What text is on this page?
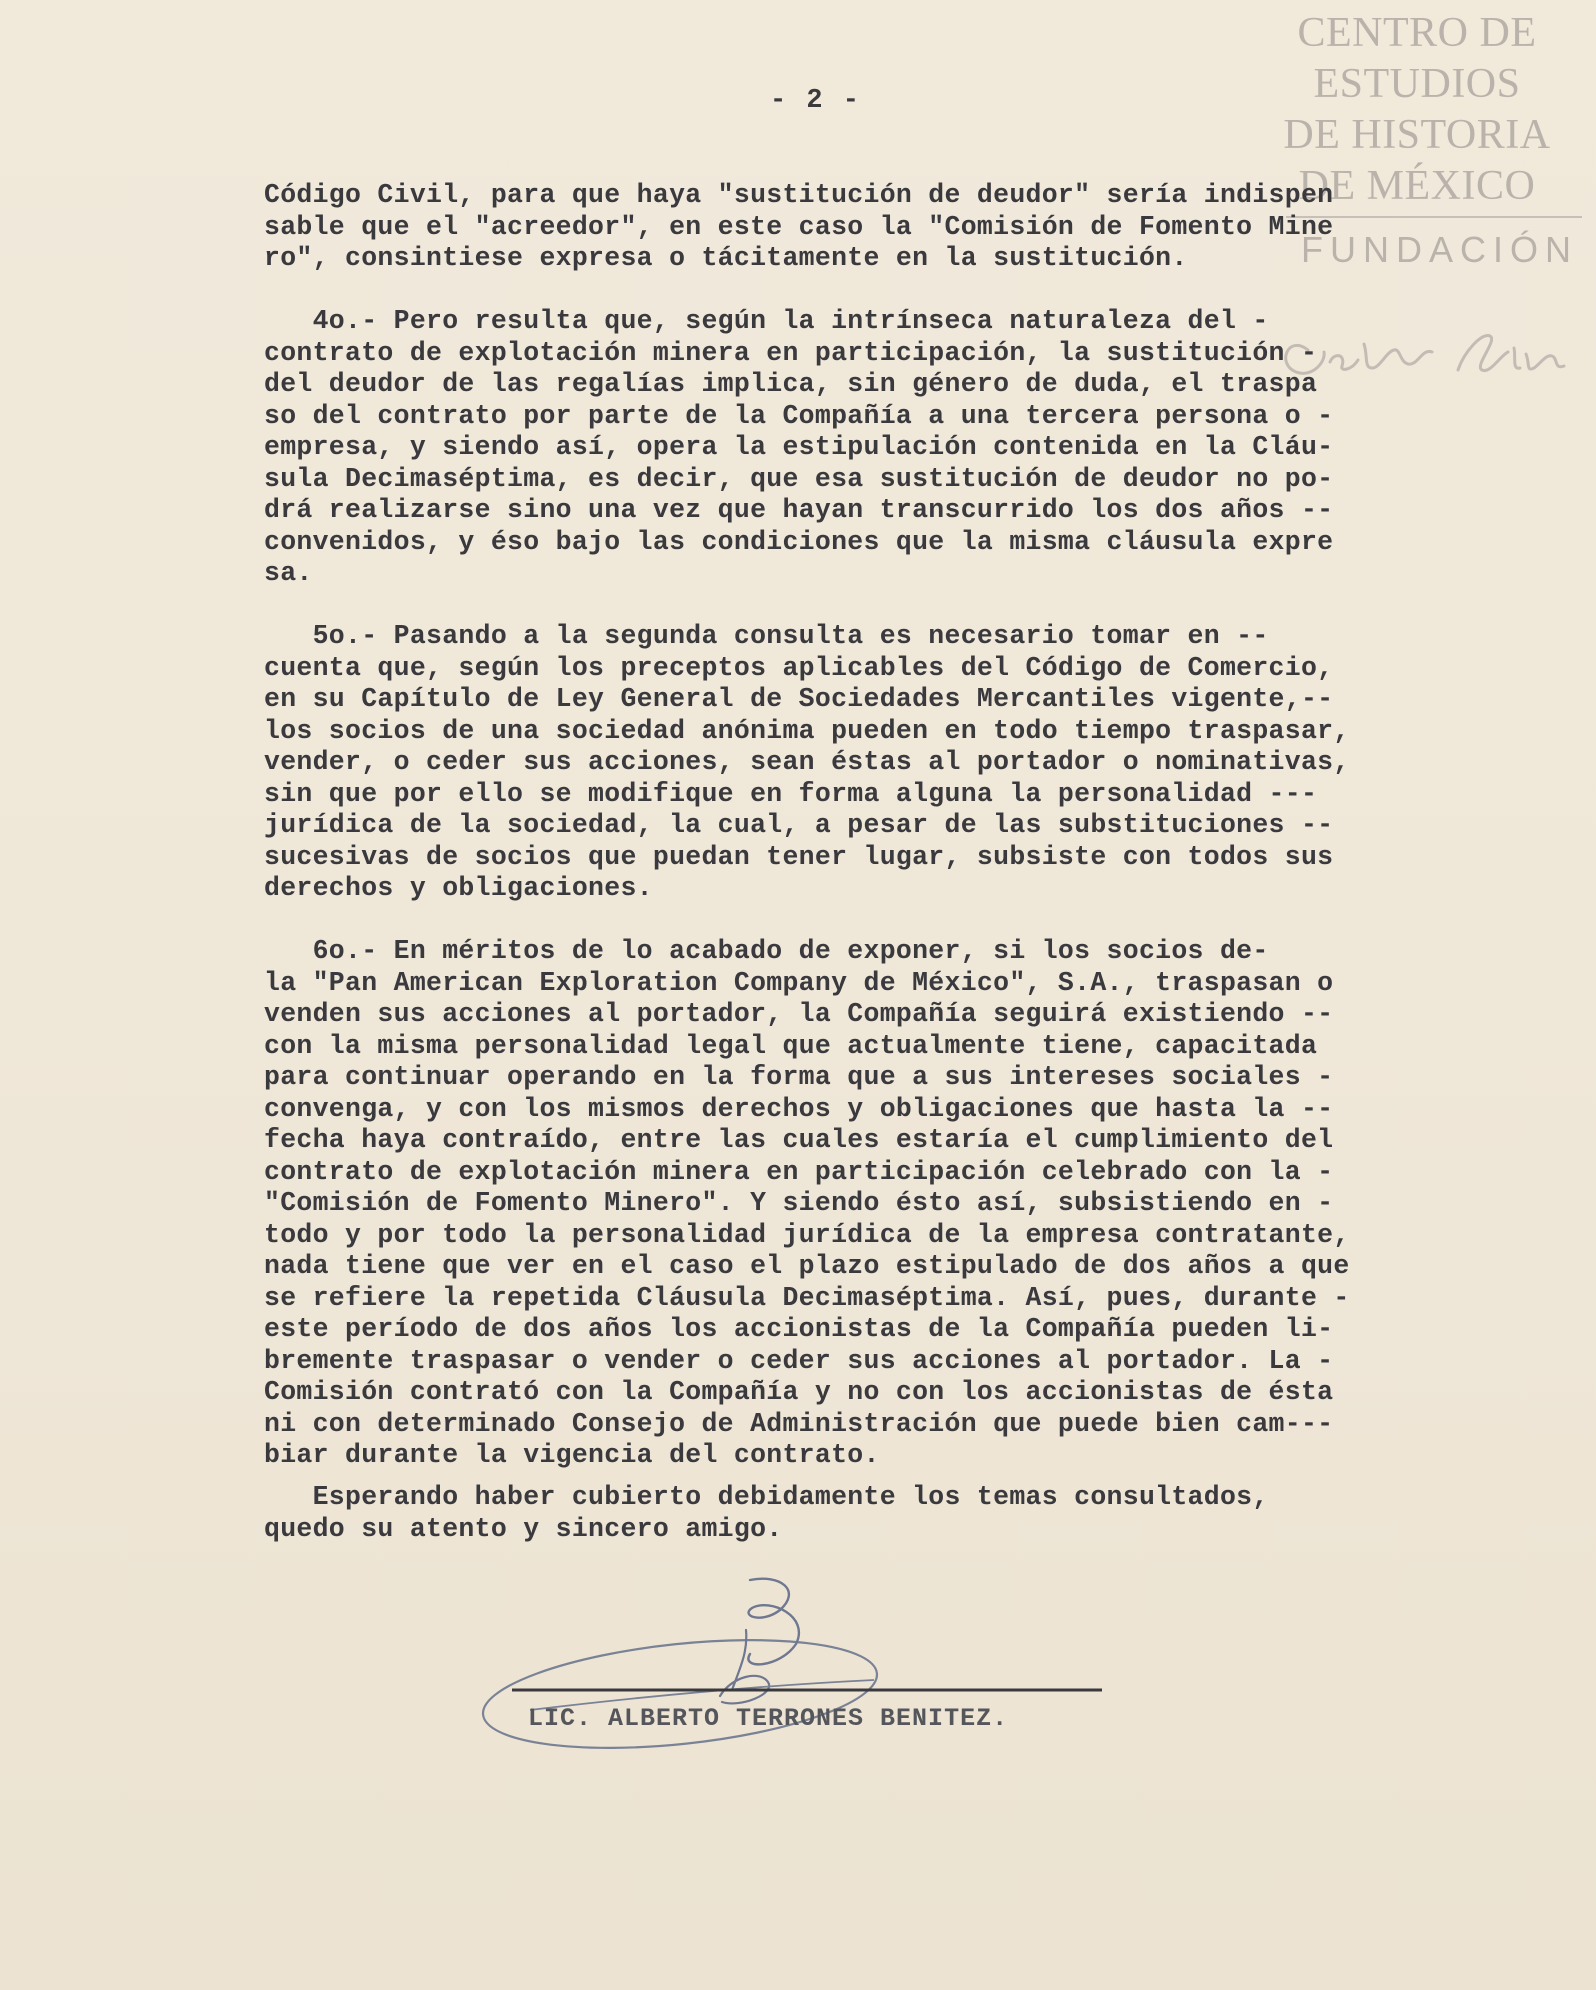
CENTRO DE
ESTUDIOS
DE HISTORIA
DE MÉXICO
FUNDACIÓN
- 2 -
Código Civil, para que haya "sustitución de deudor" sería indispen
sable que el "acreedor", en este caso la "Comisión de Fomento Mine
ro", consintiese expresa o tácitamente en la sustitución.
4o.- Pero resulta que, según la intrínseca naturaleza del -
contrato de explotación minera en participación, la sustitución -
del deudor de las regalías implica, sin género de duda, el traspa
so del contrato por parte de la Compañía a una tercera persona o -
empresa, y siendo así, opera la estipulación contenida en la Cláu-
sula Decimaséptima, es decir, que esa sustitución de deudor no po-
drá realizarse sino una vez que hayan transcurrido los dos años --
convenidos, y éso bajo las condiciones que la misma cláusula expre
sa.
5o.- Pasando a la segunda consulta es necesario tomar en --
cuenta que, según los preceptos aplicables del Código de Comercio,
en su Capítulo de Ley General de Sociedades Mercantiles vigente,--
los socios de una sociedad anónima pueden en todo tiempo traspasar,
vender, o ceder sus acciones, sean éstas al portador o nominativas,
sin que por ello se modifique en forma alguna la personalidad ---
jurídica de la sociedad, la cual, a pesar de las substituciones --
sucesivas de socios que puedan tener lugar, subsiste con todos sus
derechos y obligaciones.
6o.- En méritos de lo acabado de exponer, si los socios de-
la "Pan American Exploration Company de México", S.A., traspasan o
venden sus acciones al portador, la Compañía seguirá existiendo --
con la misma personalidad legal que actualmente tiene, capacitada
para continuar operando en la forma que a sus intereses sociales -
convenga, y con los mismos derechos y obligaciones que hasta la --
fecha haya contraído, entre las cuales estaría el cumplimiento del
contrato de explotación minera en participación celebrado con la -
"Comisión de Fomento Minero". Y siendo ésto así, subsistiendo en -
todo y por todo la personalidad jurídica de la empresa contratante,
nada tiene que ver en el caso el plazo estipulado de dos años a que
se refiere la repetida Cláusula Decimaséptima. Así, pues, durante -
este período de dos años los accionistas de la Compañía pueden li-
bremente traspasar o vender o ceder sus acciones al portador. La -
Comisión contrató con la Compañía y no con los accionistas de ésta
ni con determinado Consejo de Administración que puede bien cam---
biar durante la vigencia del contrato.
Esperando haber cubierto debidamente los temas consultados,
quedo su atento y sincero amigo.
LIC. ALBERTO TERRONES BENITEZ.
